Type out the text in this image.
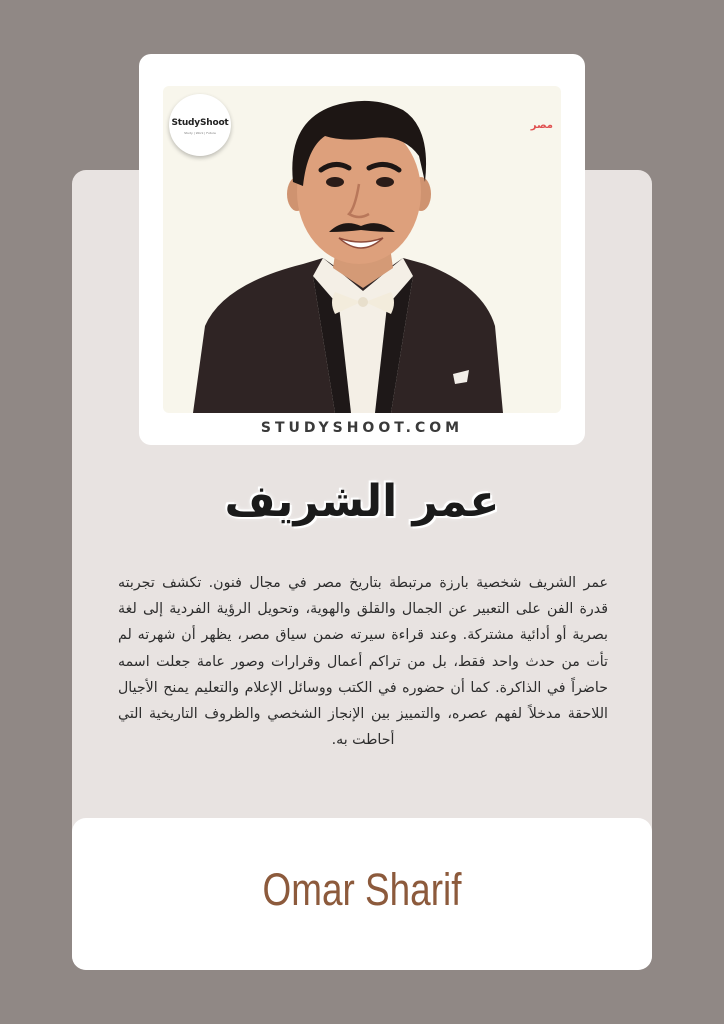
StudyShoot
Study | Work | Future
مصر
STUDYSHOOT.COM
عمر الشريف
عمر الشريف شخصية بارزة مرتبطة بتاريخ مصر في مجال فنون. تكشف تجربته قدرة الفن على التعبير عن الجمال والقلق والهوية، وتحويل الرؤية الفردية إلى لغة بصرية أو أدائية مشتركة. وعند قراءة سيرته ضمن سياق مصر، يظهر أن شهرته لم تأت من حدث واحد فقط، بل من تراكم أعمال وقرارات وصور عامة جعلت اسمه حاضراً في الذاكرة. كما أن حضوره في الكتب ووسائل الإعلام والتعليم يمنح الأجيال اللاحقة مدخلاً لفهم عصره، والتمييز بين الإنجاز الشخصي والظروف التاريخية التي أحاطت به.
Omar Sharif
